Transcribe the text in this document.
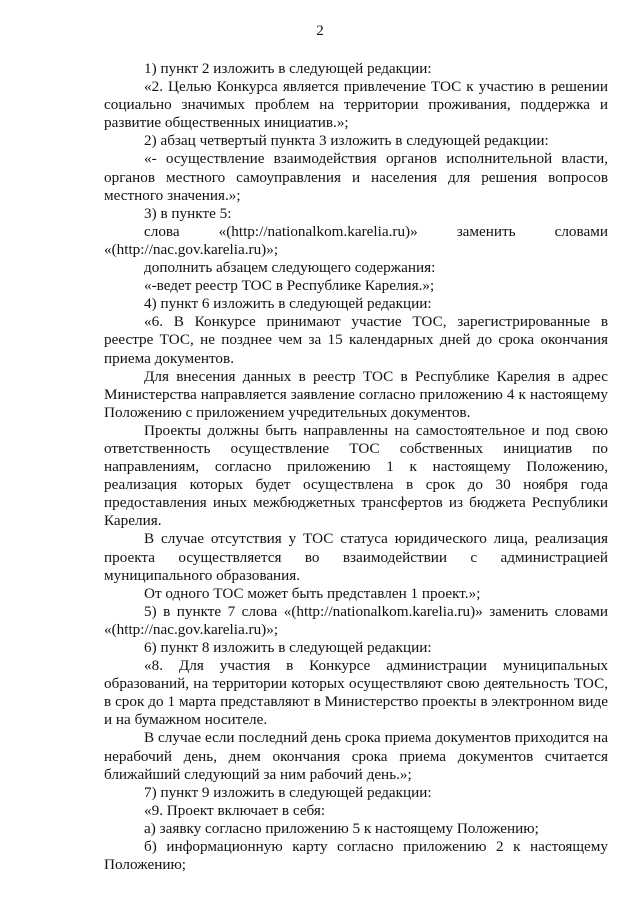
2

1) пункт 2 изложить в следующей редакции:

«2. Целью Конкурса является привлечение ТОС к участию в решении социально значимых проблем на территории проживания, поддержка и развитие общественных инициатив.»;

2) абзац четвертый пункта 3 изложить в следующей редакции:

«- осуществление взаимодействия органов исполнительной власти, органов местного самоуправления и населения для решения вопросов местного значения.»;

3) в пункте 5:

слова	«(http://nationalkom.karelia.ru)»	заменить	словами

«(http://nac.gov.karelia.ru)»;

дополнить абзацем следующего содержания:

«-ведет реестр ТОС в Республике Карелия.»;

4) пункт 6 изложить в следующей редакции:

«6. В Конкурсе принимают участие ТОС, зарегистрированные в реестре ТОС, не позднее чем за 15 календарных дней до срока окончания приема документов.

Для внесения данных в реестр ТОС в Республике Карелия в адрес Министерства направляется заявление согласно приложению 4 к настоящему Положению с приложением учредительных документов.

Проекты должны быть направленны на самостоятельное и под свою ответственность осуществление ТОС собственных инициатив по направлениям, согласно приложению 1 к настоящему Положению, реализация которых будет осуществлена в срок до 30 ноября года предоставления иных межбюджетных трансфертов из бюджета Республики Карелия.

В случае отсутствия у ТОС статуса юридического лица, реализация проекта осуществляется во взаимодействии с администрацией муниципального образования.

От одного ТОС может быть представлен 1 проект.»;

5) в пункте 7 слова «(http://nationalkom.karelia.ru)» заменить словами «(http://nac.gov.karelia.ru)»;

6) пункт 8 изложить в следующей редакции:

«8. Для участия в Конкурсе администрации муниципальных образований, на территории которых осуществляют свою деятельность ТОС, в срок до 1 марта представляют в Министерство проекты в электронном виде и на бумажном носителе.

В случае если последний день срока приема документов приходится на нерабочий день, днем окончания срока приема документов считается ближайший следующий за ним рабочий день.»;

7) пункт 9 изложить в следующей редакции:

«9. Проект включает в себя:

а) заявку согласно приложению 5 к настоящему Положению;

б) информационную карту согласно приложению 2 к настоящему Положению;
